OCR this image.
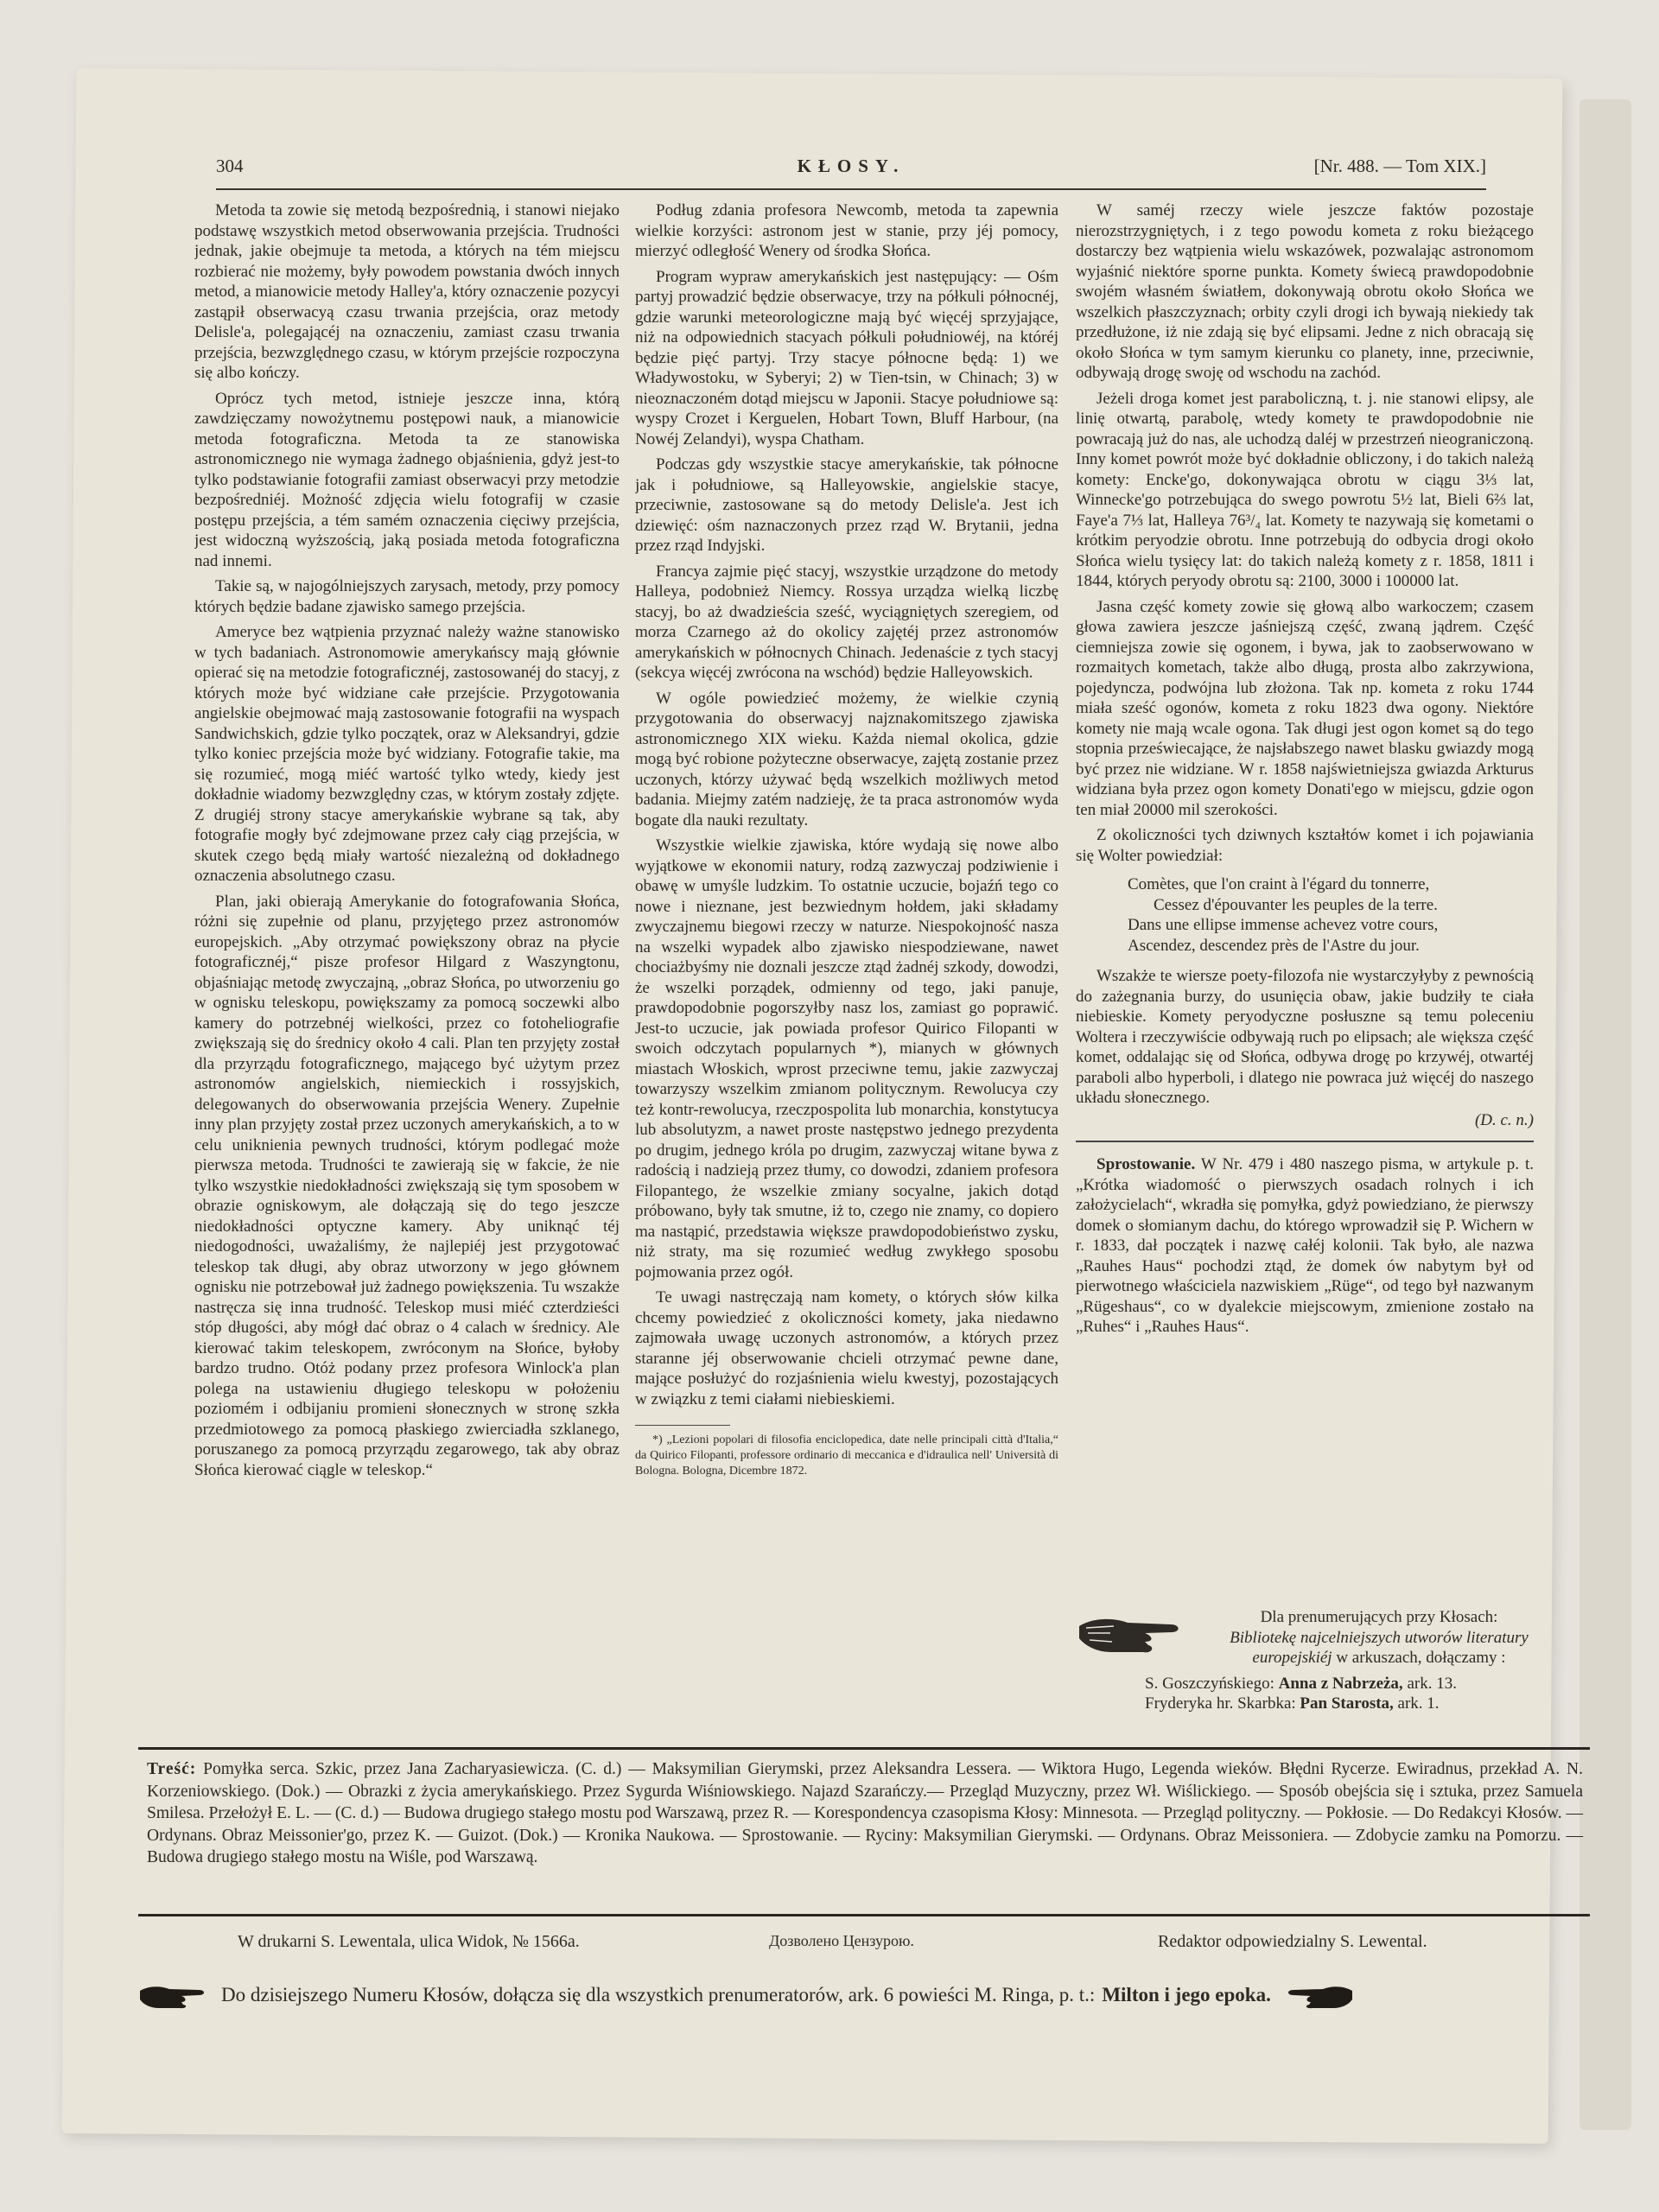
304	KŁOSY.	[Nr. 488. — Tom XIX.]

Metoda ta zowie się metodą bezpośrednią, i stanowi niejako podstawę wszystkich metod obserwowania przejścia. Trudności jednak, jakie obejmuje ta metoda, a których na tém miejscu rozbierać nie możemy, były powodem powstania dwóch innych metod, a mianowicie metody Halley'a, który oznaczenie pozycyi zastąpił obserwacyą czasu trwania przejścia, oraz metody Delisle'a, polegającéj na oznaczeniu, zamiast czasu trwania przejścia, bezwzględnego czasu, w którym przejście rozpoczyna się albo kończy.

Oprócz tych metod, istnieje jeszcze inna, którą zawdzięczamy nowożytnemu postępowi nauk, a mianowicie metoda fotograficzna. Metoda ta ze stanowiska astronomicznego nie wymaga żadnego objaśnienia, gdyż jest-to tylko podstawianie fotografii zamiast obserwacyi przy metodzie bezpośredniéj. Możność zdjęcia wielu fotografij w czasie postępu przejścia, a tém samém oznaczenia cięciwy przejścia, jest widoczną wyższością, jaką posiada metoda fotograficzna nad innemi.

Takie są, w najogólniejszych zarysach, metody, przy pomocy których będzie badane zjawisko samego przejścia.

Ameryce bez wątpienia przyznać należy ważne stanowisko w tych badaniach. Astronomowie amerykańscy mają głównie opierać się na metodzie fotograficznéj, zastosowanéj do stacyj, z których może być widziane całe przejście. Przygotowania angielskie obejmować mają zastosowanie fotografii na wyspach Sandwichskich, gdzie tylko początek, oraz w Aleksandryi, gdzie tylko koniec przejścia może być widziany. Fotografie takie, ma się rozumieć, mogą miéć wartość tylko wtedy, kiedy jest dokładnie wiadomy bezwzględny czas, w którym zostały zdjęte. Z drugiéj strony stacye amerykańskie wybrane są tak, aby fotografie mogły być zdejmowane przez cały ciąg przejścia, w skutek czego będą miały wartość niezależną od dokładnego oznaczenia absolutnego czasu.

Plan, jaki obierają Amerykanie do fotografowania Słońca, różni się zupełnie od planu, przyjętego przez astronomów europejskich. „Aby otrzymać powiększony obraz na płycie fotograficznéj,“ pisze profesor Hilgard z Waszyngtonu, objaśniając metodę zwyczajną, „obraz Słońca, po utworzeniu go w ognisku teleskopu, powiększamy za pomocą soczewki albo kamery do potrzebnéj wielkości, przez co fotoheliografie zwiększają się do średnicy około 4 cali. Plan ten przyjęty został dla przyrządu fotograficznego, mającego być użytym przez astronomów angielskich, niemieckich i rossyjskich, delegowanych do obserwowania przejścia Wenery. Zupełnie inny plan przyjęty został przez uczonych amerykańskich, a to w celu uniknienia pewnych trudności, którym podlegać może pierwsza metoda. Trudności te zawierają się w fakcie, że nie tylko wszystkie niedokładności zwiększają się tym sposobem w obrazie ogniskowym, ale dołączają się do tego jeszcze niedokładności optyczne kamery. Aby uniknąć téj niedogodności, uważaliśmy, że najlepiéj jest przygotować teleskop tak długi, aby obraz utworzony w jego głównem ognisku nie potrzebował już żadnego powiększenia. Tu wszakże nastręcza się inna trudność. Teleskop musi miéć czterdzieści stóp długości, aby mógł dać obraz o 4 calach w średnicy. Ale kierować takim teleskopem, zwróconym na Słońce, byłoby bardzo trudno. Otóż podany przez profesora Winlock'a plan polega na ustawieniu długiego teleskopu w położeniu poziomém i odbijaniu promieni słonecznych w stronę szkła przedmiotowego za pomocą płaskiego zwierciadła szklanego, poruszanego za pomocą przyrządu zegarowego, tak aby obraz Słońca kierować ciągle w teleskop.“

Podług zdania profesora Newcomb, metoda ta zapewnia wielkie korzyści: astronom jest w stanie, przy jéj pomocy, mierzyć odległość Wenery od środka Słońca.

Program wypraw amerykańskich jest następujący: — Ośm partyj prowadzić będzie obserwacye, trzy na półkuli północnéj, gdzie warunki meteorologiczne mają być więcéj sprzyjające, niż na odpowiednich stacyach półkuli południowéj, na któréj będzie pięć partyj. Trzy stacye północne będą: 1) we Władywostoku, w Syberyi; 2) w Tien-tsin, w Chinach; 3) w nieoznaczoném dotąd miejscu w Japonii. Stacye południowe są: wyspy Crozet i Kerguelen, Hobart Town, Bluff Harbour, (na Nowéj Zelandyi), wyspa Chatham.

Podczas gdy wszystkie stacye amerykańskie, tak północne jak i południowe, są Halleyowskie, angielskie stacye, przeciwnie, zastosowane są do metody Delisle'a. Jest ich dziewięć: ośm naznaczonych przez rząd W. Brytanii, jedna przez rząd Indyjski.

Francya zajmie pięć stacyj, wszystkie urządzone do metody Halleya, podobnież Niemcy. Rossya urządza wielką liczbę stacyj, bo aż dwadzieścia sześć, wyciągniętych szeregiem, od morza Czarnego aż do okolicy zajętéj przez astronomów amerykańskich w północnych Chinach. Jedenaście z tych stacyj (sekcya więcéj zwrócona na wschód) będzie Halleyowskich.

W ogóle powiedzieć możemy, że wielkie czynią przygotowania do obserwacyj najznakomitszego zjawiska astronomicznego XIX wieku. Każda niemal okolica, gdzie mogą być robione pożyteczne obserwacye, zajętą zostanie przez uczonych, którzy używać będą wszelkich możliwych metod badania. Miejmy zatém nadzieję, że ta praca astronomów wyda bogate dla nauki rezultaty.

Wszystkie wielkie zjawiska, które wydają się nowe albo wyjątkowe w ekonomii natury, rodzą zazwyczaj podziwienie i obawę w umyśle ludzkim. To ostatnie uczucie, bojaźń tego co nowe i nieznane, jest bezwiednym hołdem, jaki składamy zwyczajnemu biegowi rzeczy w naturze. Niespokojność nasza na wszelki wypadek albo zjawisko niespodziewane, nawet chociażbyśmy nie doznali jeszcze ztąd żadnéj szkody, dowodzi, że wszelki porządek, odmienny od tego, jaki panuje, prawdopodobnie pogorszyłby nasz los, zamiast go poprawić. Jest-to uczucie, jak powiada profesor Quirico Filopanti w swoich odczytach popularnych *), mianych w głównych miastach Włoskich, wprost przeciwne temu, jakie zazwyczaj towarzyszy wszelkim zmianom politycznym. Rewolucya czy też kontr-rewolucya, rzeczpospolita lub monarchia, konstytucya lub absolutyzm, a nawet proste następstwo jednego prezydenta po drugim, jednego króla po drugim, zazwyczaj witane bywa z radością i nadzieją przez tłumy, co dowodzi, zdaniem profesora Filopantego, że wszelkie zmiany socyalne, jakich dotąd próbowano, były tak smutne, iż to, czego nie znamy, co dopiero ma nastąpić, przedstawia większe prawdopodobieństwo zysku, niż straty, ma się rozumieć według zwykłego sposobu pojmowania przez ogół.

Te uwagi nastręczają nam komety, o których słów kilka chcemy powiedzieć z okoliczności komety, jaka niedawno zajmowała uwagę uczonych astronomów, a których przez staranne jéj obserwowanie chcieli otrzymać pewne dane, mające posłużyć do rozjaśnienia wielu kwestyj, pozostających w związku z temi ciałami niebieskiemi.

*) „Lezioni popolari di filosofia enciclopedica, date nelle principali città d'Italia,“ da Quirico Filopanti, professore ordinario di meccanica e d'idraulica nell' Università di Bologna. Bologna, Dicembre 1872.

W saméj rzeczy wiele jeszcze faktów pozostaje nierozstrzygniętych, i z tego powodu kometa z roku bieżącego dostarczy bez wątpienia wielu wskazówek, pozwalając astronomom wyjaśnić niektóre sporne punkta. Komety świecą prawdopodobnie swojém własném światłem, dokonywają obrotu około Słońca we wszelkich płaszczyznach; orbity czyli drogi ich bywają niekiedy tak przedłużone, iż nie zdają się być elipsami. Jedne z nich obracają się około Słońca w tym samym kierunku co planety, inne, przeciwnie, odbywają drogę swoję od wschodu na zachód.

Jeżeli droga komet jest paraboliczną, t. j. nie stanowi elipsy, ale linię otwartą, parabolę, wtedy komety te prawdopodobnie nie powracają już do nas, ale uchodzą daléj w przestrzeń nieograniczoną. Inny komet powrót może być dokładnie obliczony, i do takich należą komety: Encke'go, dokonywająca obrotu w ciągu 3⅓ lat, Winnecke'go potrzebująca do swego powrotu 5½ lat, Bieli 6⅔ lat, Faye'a 7⅓ lat, Halleya 76³/₄ lat. Komety te nazywają się kometami o krótkim peryodzie obrotu. Inne potrzebują do odbycia drogi około Słońca wielu tysięcy lat: do takich należą komety z r. 1858, 1811 i 1844, których peryody obrotu są: 2100, 3000 i 100000 lat.

Jasna część komety zowie się głową albo warkoczem; czasem głowa zawiera jeszcze jaśniejszą część, zwaną jądrem. Część ciemniejsza zowie się ogonem, i bywa, jak to zaobserwowano w rozmaitych kometach, także albo długą, prosta albo zakrzywiona, pojedyncza, podwójna lub złożona. Tak np. kometa z roku 1744 miała sześć ogonów, kometa z roku 1823 dwa ogony. Niektóre komety nie mają wcale ogona. Tak długi jest ogon komet są do tego stopnia przeświecające, że najsłabszego nawet blasku gwiazdy mogą być przez nie widziane. W r. 1858 najświetniejsza gwiazda Arkturus widziana była przez ogon komety Donati'ego w miejscu, gdzie ogon ten miał 20000 mil szerokości.

Z okoliczności tych dziwnych kształtów komet i ich pojawiania się Wolter powiedział:

Comètes, que l'on craint à l'égard du tonnerre,
Cessez d'épouvanter les peuples de la terre.
Dans une ellipse immense achevez votre cours,
Ascendez, descendez près de l'Astre du jour.

Wszakże te wiersze poety-filozofa nie wystarczyłyby z pewnością do zażegnania burzy, do usunięcia obaw, jakie budziły te ciała niebieskie. Komety peryodyczne posłuszne są temu poleceniu Woltera i rzeczywiście odbywają ruch po elipsach; ale większa część komet, oddalając się od Słońca, odbywa drogę po krzywéj, otwartéj paraboli albo hyperboli, i dlatego nie powraca już więcéj do naszego układu słonecznego.

(D. c. n.)

Sprostowanie. W Nr. 479 i 480 naszego pisma, w artykule p. t. „Krótka wiadomość o pierwszych osadach rolnych i ich założycielach“, wkradła się pomyłka, gdyż powiedziano, że pierwszy domek o słomianym dachu, do którego wprowadził się P. Wichern w r. 1833, dał początek i nazwę całéj kolonii. Tak było, ale nazwa „Rauhes Haus“ pochodzi ztąd, że domek ów nabytym był od pierwotnego właściciela nazwiskiem „Rüge“, od tego był nazwanym „Rügeshaus“, co w dyalekcie miejscowym, zmienione zostało na „Ruhes“ i „Rauhes Haus“.

Dla prenumerujących przy Kłosach:
Bibliotekę najcelniejszych utworów literatury europejskiéj w arkuszach, dołączamy :
S. Goszczyńskiego: Anna z Nabrzeża, ark. 13.
Fryderyka hr. Skarbka: Pan Starosta, ark. 1.
Treść: Pomyłka serca. Szkic, przez Jana Zacharyasiewicza. (C. d.) — Maksymilian Gierymski, przez Aleksandra Lessera. — Wiktora Hugo, Legenda wieków. Błędni Rycerze. Ewiradnus, przekład A. N. Korzeniowskiego. (Dok.) — Obrazki z życia amerykańskiego. Przez Sygurda Wiśniowskiego. Najazd Szarańczy.— Przegląd Muzyczny, przez Wł. Wiślickiego. — Sposób obejścia się i sztuka, przez Samuela Smilesa. Przełożył E. L. — (C. d.) — Budowa drugiego stałego mostu pod Warszawą, przez R. — Korespondencya czasopisma Kłosy: Minnesota. — Przegląd polityczny. — Pokłosie. — Do Redakcyi Kłosów. — Ordynans. Obraz Meissonier'go, przez K. — Guizot. (Dok.) — Kronika Naukowa. — Sprostowanie. — Ryciny: Maksymilian Gierymski. — Ordynans. Obraz Meissoniera. — Zdobycie zamku na Pomorzu. — Budowa drugiego stałego mostu na Wiśle, pod Warszawą.
W drukarni S. Lewentala, ulica Widok, № 1566a.	Дозволено Цензурою.	Redaktor odpowiedzialny S. Lewental.
Do dzisiejszego Numeru Kłosów, dołącza się dla wszystkich prenumeratorów, ark. 6 powieści M. Ringa, p. t.: Milton i jego epoka.
